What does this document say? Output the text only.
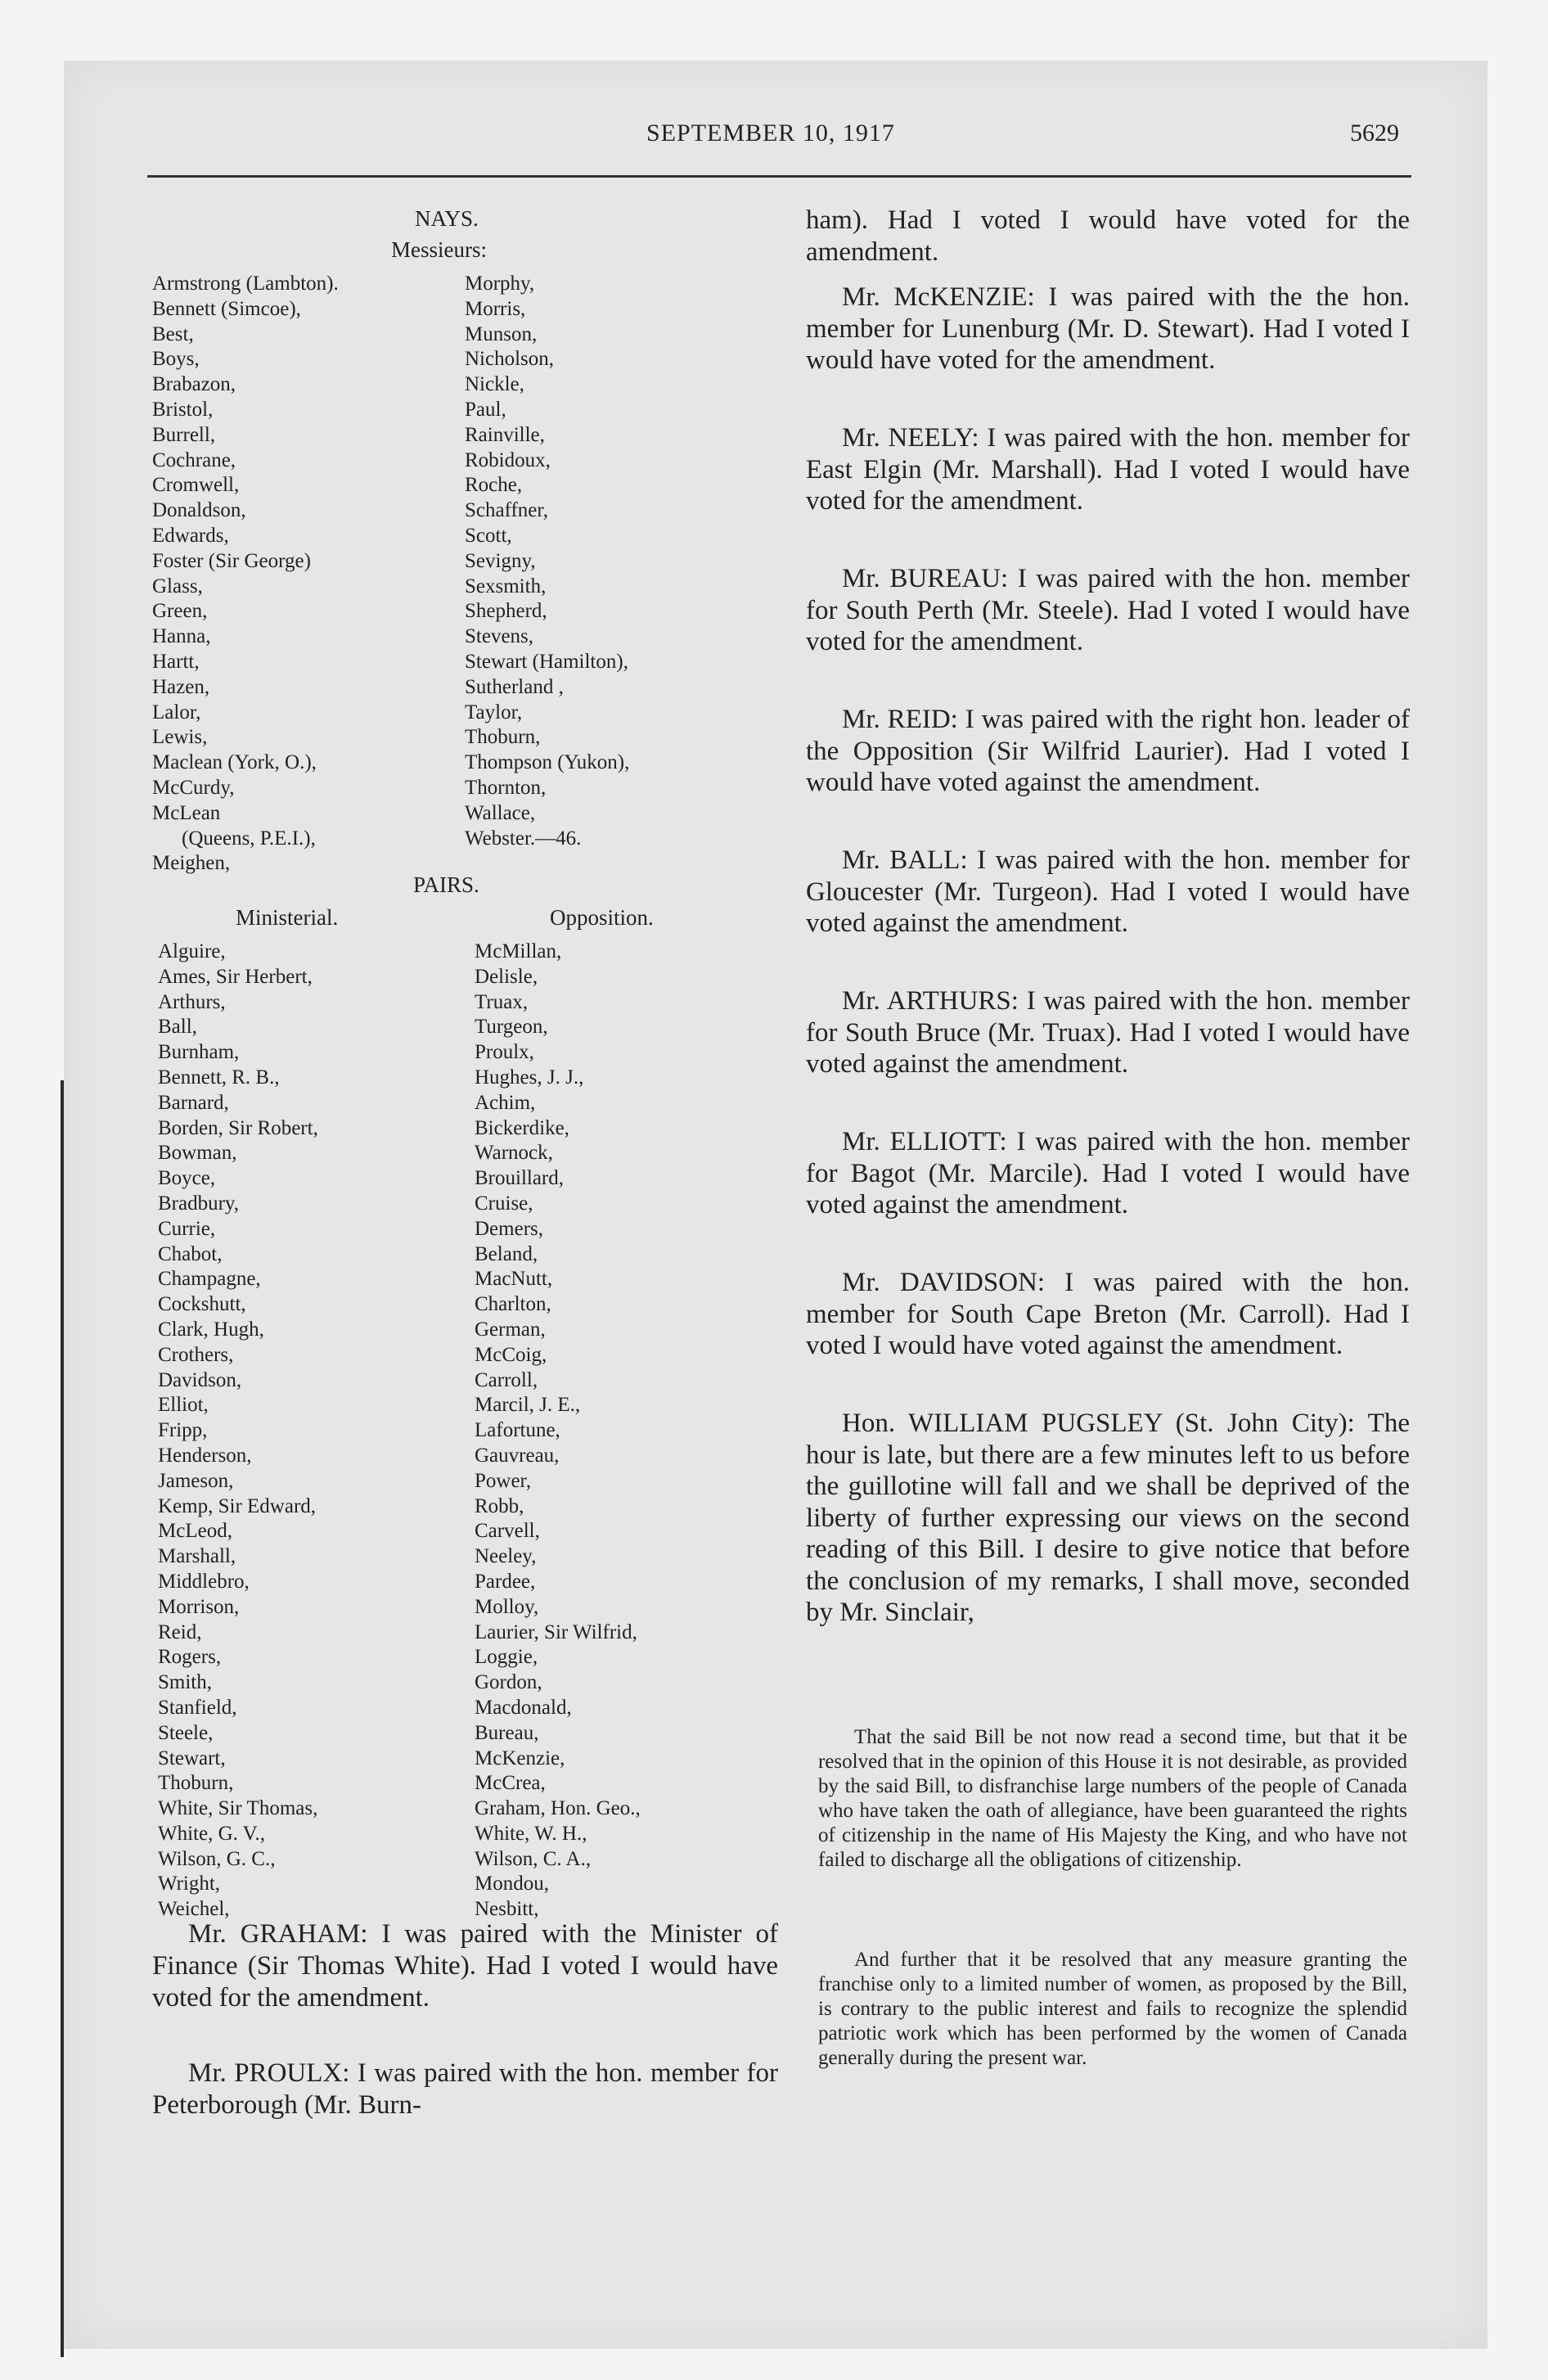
SEPTEMBER 10, 1917	5629
NAYS.
Messieurs:
Armstrong (Lambton).
Bennett (Simcoe),
Best,
Boys,
Brabazon,
Bristol,
Burrell,
Cochrane,
Cromwell,
Donaldson,
Edwards,
Foster (Sir George)
Glass,
Green,
Hanna,
Hartt,
Hazen,
Lalor,
Lewis,
Maclean (York, O.),
McCurdy,
McLean
(Queens, P.E.I.),
Meighen,
Morphy,
Morris,
Munson,
Nicholson,
Nickle,
Paul,
Rainville,
Robidoux,
Roche,
Schaffner,
Scott,
Sevigny,
Sexsmith,
Shepherd,
Stevens,
Stewart (Hamilton),
Sutherland ,
Taylor,
Thoburn,
Thompson (Yukon),
Thornton,
Wallace,
Webster.—46.
PAIRS.
Ministerial.	Opposition.
Alguire,
Ames, Sir Herbert,
Arthurs,
Ball,
Burnham,
Bennett, R. B.,
Barnard,
Borden, Sir Robert,
Bowman,
Boyce,
Bradbury,
Currie,
Chabot,
Champagne,
Cockshutt,
Clark, Hugh,
Crothers,
Davidson,
Elliot,
Fripp,
Henderson,
Jameson,
Kemp, Sir Edward,
McLeod,
Marshall,
Middlebro,
Morrison,
Reid,
Rogers,
Smith,
Stanfield,
Steele,
Stewart,
Thoburn,
White, Sir Thomas,
White, G. V.,
Wilson, G. C.,
Wright,
Weichel,
McMillan,
Delisle,
Truax,
Turgeon,
Proulx,
Hughes, J. J.,
Achim,
Bickerdike,
Warnock,
Brouillard,
Cruise,
Demers,
Beland,
MacNutt,
Charlton,
German,
McCoig,
Carroll,
Marcil, J. E.,
Lafortune,
Gauvreau,
Power,
Robb,
Carvell,
Neeley,
Pardee,
Molloy,
Laurier, Sir Wilfrid,
Loggie,
Gordon,
Macdonald,
Bureau,
McKenzie,
McCrea,
Graham, Hon. Geo.,
White, W. H.,
Wilson, C. A.,
Mondou,
Nesbitt,
Mr. GRAHAM: I was paired with the Minister of Finance (Sir Thomas White). Had I voted I would have voted for the amendment.
Mr. PROULX: I was paired with the hon. member for Peterborough (Mr. Burn-
ham). Had I voted I would have voted for the amendment.
Mr. McKENZIE: I was paired with the the hon. member for Lunenburg (Mr. D. Stewart). Had I voted I would have voted for the amendment.
Mr. NEELY: I was paired with the hon. member for East Elgin (Mr. Marshall). Had I voted I would have voted for the amendment.
Mr. BUREAU: I was paired with the hon. member for South Perth (Mr. Steele). Had I voted I would have voted for the amendment.
Mr. REID: I was paired with the right hon. leader of the Opposition (Sir Wilfrid Laurier). Had I voted I would have voted against the amendment.
Mr. BALL: I was paired with the hon. member for Gloucester (Mr. Turgeon). Had I voted I would have voted against the amendment.
Mr. ARTHURS: I was paired with the hon. member for South Bruce (Mr. Truax). Had I voted I would have voted against the amendment.
Mr. ELLIOTT: I was paired with the hon. member for Bagot (Mr. Marcile). Had I voted I would have voted against the amendment.
Mr. DAVIDSON: I was paired with the hon. member for South Cape Breton (Mr. Carroll). Had I voted I would have voted against the amendment.
Hon. WILLIAM PUGSLEY (St. John City): The hour is late, but there are a few minutes left to us before the guillotine will fall and we shall be deprived of the liberty of further expressing our views on the second reading of this Bill. I desire to give notice that before the conclusion of my remarks, I shall move, seconded by Mr. Sinclair,
That the said Bill be not now read a second time, but that it be resolved that in the opinion of this House it is not desirable, as provided by the said Bill, to disfranchise large numbers of the people of Canada who have taken the oath of allegiance, have been guaranteed the rights of citizenship in the name of His Majesty the King, and who have not failed to discharge all the obligations of citizenship.
And further that it be resolved that any measure granting the franchise only to a limited number of women, as proposed by the Bill, is contrary to the public interest and fails to recognize the splendid patriotic work which has been performed by the women of Canada generally during the present war.
